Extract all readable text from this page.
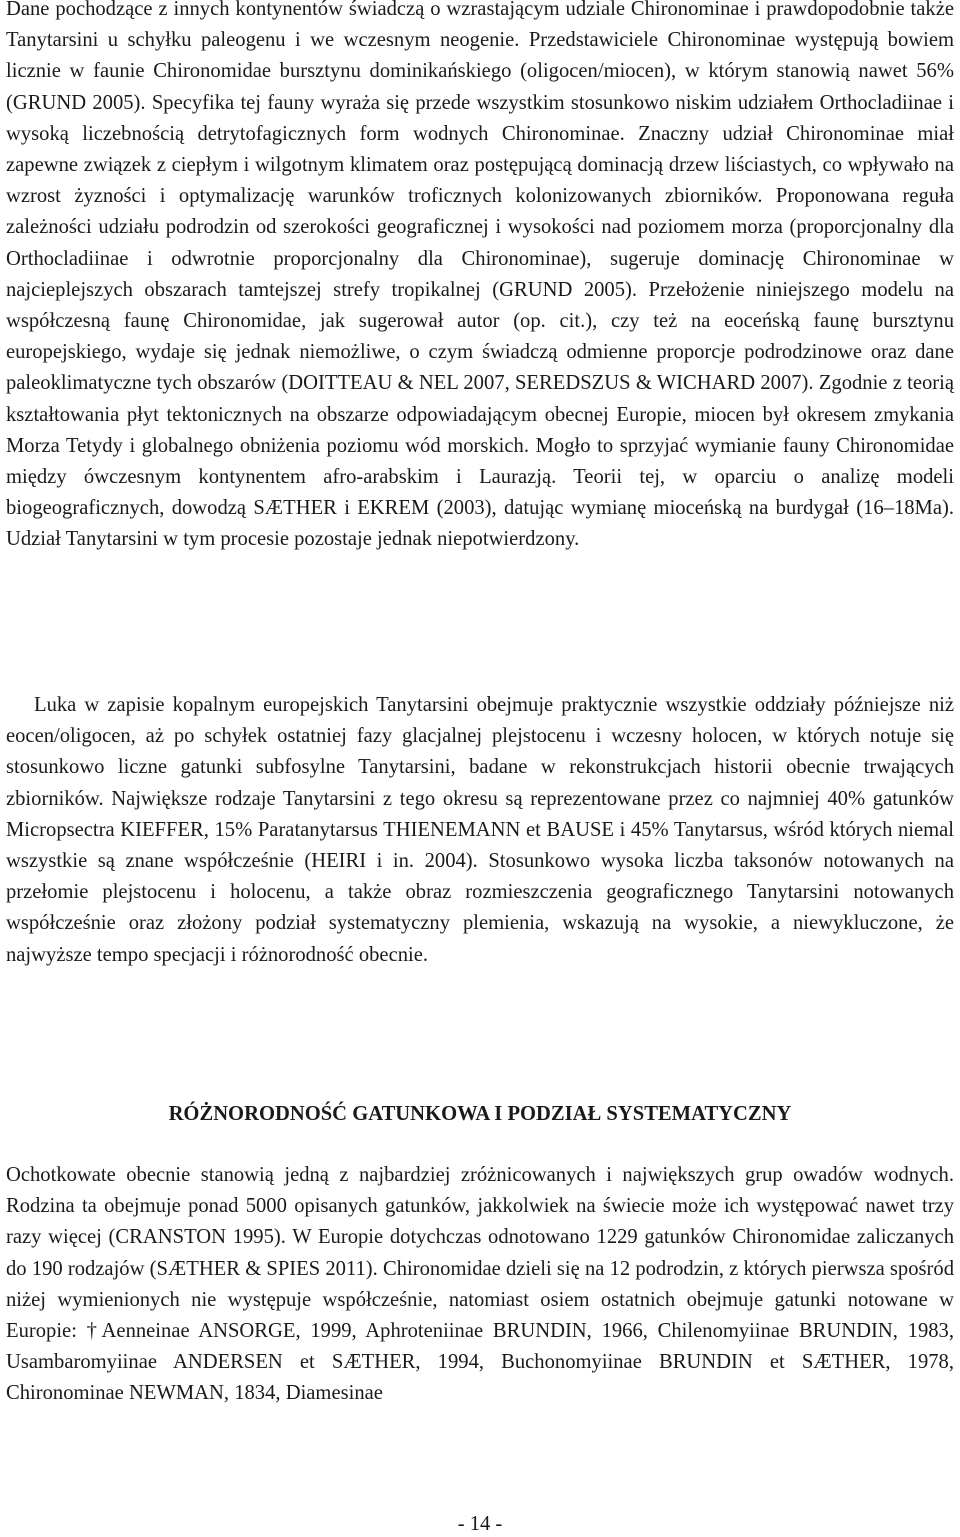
Dane pochodzące z innych kontynentów świadczą o wzrastającym udziale Chironominae i prawdopodobnie także Tanytarsini u schyłku paleogenu i we wczesnym neogenie. Przedstawiciele Chironominae występują bowiem licznie w faunie Chironomidae bursztynu dominikańskiego (oligocen/miocen), w którym stanowią nawet 56% (GRUND 2005). Specyfika tej fauny wyraża się przede wszystkim stosunkowo niskim udziałem Orthocladiinae i wysoką liczebnością detrytofagicznych form wodnych Chironominae. Znaczny udział Chironominae miał zapewne związek z ciepłym i wilgotnym klimatem oraz postępującą dominacją drzew liściastych, co wpływało na wzrost żyzności i optymalizację warunków troficznych kolonizowanych zbiorników. Proponowana reguła zależności udziału podrodzin od szerokości geograficznej i wysokości nad poziomem morza (proporcjonalny dla Orthocladiinae i odwrotnie proporcjonalny dla Chironominae), sugeruje dominację Chironominae w najcieplejszych obszarach tamtejszej strefy tropikalnej (GRUND 2005). Przełożenie niniejszego modelu na współczesną faunę Chironomidae, jak sugerował autor (op. cit.), czy też na eoceńską faunę bursztynu europejskiego, wydaje się jednak niemożliwe, o czym świadczą odmienne proporcje podrodzinowe oraz dane paleoklimatyczne tych obszarów (DOITTEAU & NEL 2007, SEREDSZUS & WICHARD 2007). Zgodnie z teorią kształtowania płyt tektonicznych na obszarze odpowiadającym obecnej Europie, miocen był okresem zmykania Morza Tetydy i globalnego obniżenia poziomu wód morskich. Mogło to sprzyjać wymianie fauny Chironomidae między ówczesnym kontynentem afro-arabskim i Laurazją. Teorii tej, w oparciu o analizę modeli biogeograficznych, dowodzą SÆTHER i EKREM (2003), datując wymianę mioceńską na burdygał (16–18Ma). Udział Tanytarsini w tym procesie pozostaje jednak niepotwierdzony.

Luka w zapisie kopalnym europejskich Tanytarsini obejmuje praktycznie wszystkie oddziały późniejsze niż eocen/oligocen, aż po schyłek ostatniej fazy glacjalnej plejstocenu i wczesny holocen, w których notuje się stosunkowo liczne gatunki subfosylne Tanytarsini, badane w rekonstrukcjach historii obecnie trwających zbiorników. Największe rodzaje Tanytarsini z tego okresu są reprezentowane przez co najmniej 40% gatunków Micropsectra KIEFFER, 15% Paratanytarsus THIENEMANN et BAUSE i 45% Tanytarsus, wśród których niemal wszystkie są znane współcześnie (HEIRI i in. 2004). Stosunkowo wysoka liczba taksonów notowanych na przełomie plejstocenu i holocenu, a także obraz rozmieszczenia geograficznego Tanytarsini notowanych współcześnie oraz złożony podział systematyczny plemienia, wskazują na wysokie, a niewykluczone, że najwyższe tempo specjacji i różnorodność obecnie.

RÓŻNORODNOŚĆ GATUNKOWA I PODZIAŁ SYSTEMATYCZNY

Ochotkowate obecnie stanowią jedną z najbardziej zróżnicowanych i największych grup owadów wodnych. Rodzina ta obejmuje ponad 5000 opisanych gatunków, jakkolwiek na świecie może ich występować nawet trzy razy więcej (CRANSTON 1995). W Europie dotychczas odnotowano 1229 gatunków Chironomidae zaliczanych do 190 rodzajów (SÆTHER & SPIES 2011). Chironomidae dzieli się na 12 podrodzin, z których pierwsza spośród niżej wymienionych nie występuje współcześnie, natomiast osiem ostatnich obejmuje gatunki notowane w Europie: †Aenneinae ANSORGE, 1999, Aphroteniinae BRUNDIN, 1966, Chilenomyiinae BRUNDIN, 1983, Usambaromyiinae ANDERSEN et SÆTHER, 1994, Buchonomyiinae BRUNDIN et SÆTHER, 1978, Chironominae NEWMAN, 1834, Diamesinae

- 14 -
